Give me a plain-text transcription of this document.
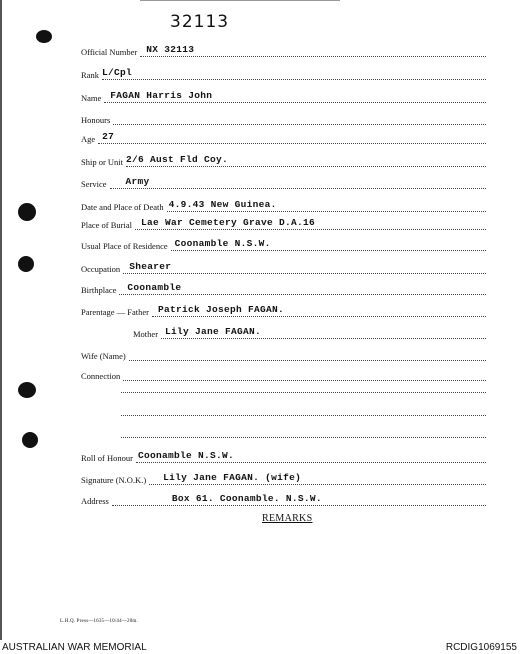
32113
Official Number NX 32113
Rank L/Cpl
Name FAGAN Harris John
Honours
Age 27
Ship or Unit 2/6 Aust Fld Coy.
Service	Army
Date and Place of Death 4.9.43 New Guinea.
Place of Burial Lae War Cemetery Grave D.A.16
Usual Place of Residence Coonamble N.S.W.
Occupation Shearer
Birthplace	Coonamble
Parentage — Father Patrick Joseph FAGAN.
Mother Lily Jane FAGAN.
Wife (Name)
Connection
Roll of Honour Coonamble N.S.W.
Signature (N.O.K.)	Lily Jane FAGAN. (wife)
Address	Box 61. Coonamble. N.S.W.
REMARKS
L.H.Q. Press—1635—10/44—20m.
AUSTRALIAN WAR MEMORIAL	RCDIG1069155
